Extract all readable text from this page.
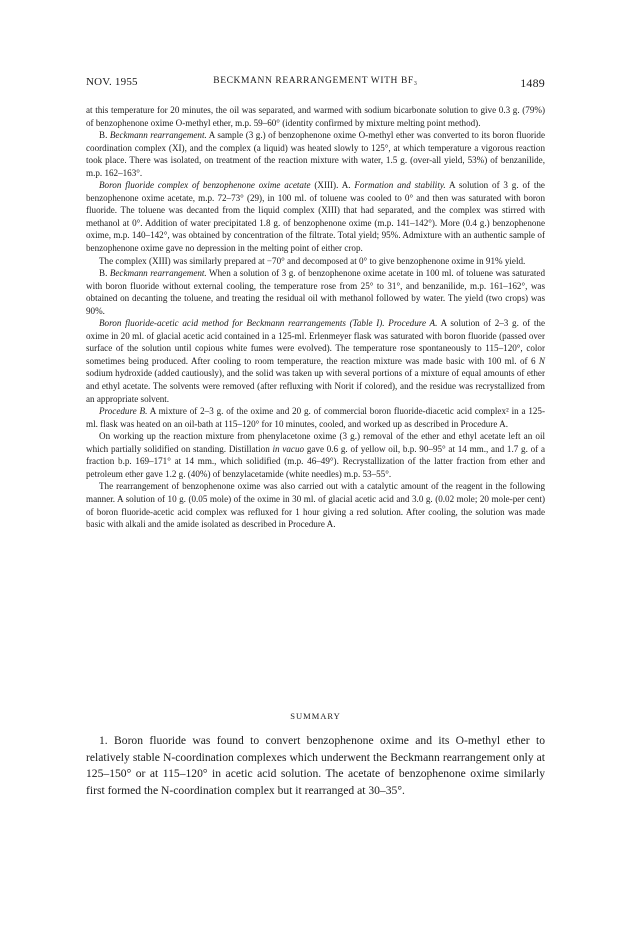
NOV. 1955	BECKMANN REARRANGEMENT WITH BF₃	1489

at this temperature for 20 minutes, the oil was separated, and warmed with sodium bicarbonate solution to give 0.3 g. (79%) of benzophenone oxime O-methyl ether, m.p. 59–60° (identity confirmed by mixture melting point method).

B. Beckmann rearrangement. A sample (3 g.) of benzophenone oxime O-methyl ether was converted to its boron fluoride coordination complex (XI), and the complex (a liquid) was heated slowly to 125°, at which temperature a vigorous reaction took place. There was isolated, on treatment of the reaction mixture with water, 1.5 g. (over-all yield, 53%) of benzanilide, m.p. 162–163°.

Boron fluoride complex of benzophenone oxime acetate (XIII). A. Formation and stability. A solution of 3 g. of the benzophenone oxime acetate, m.p. 72–73° (29), in 100 ml. of toluene was cooled to 0° and then was saturated with boron fluoride. The toluene was decanted from the liquid complex (XIII) that had separated, and the complex was stirred with methanol at 0°. Addition of water precipitated 1.8 g. of benzophenone oxime (m.p. 141–142°). More (0.4 g.) benzophenone oxime, m.p. 140–142°, was obtained by concentration of the filtrate. Total yield; 95%. Admixture with an authentic sample of benzophenone oxime gave no depression in the melting point of either crop.

The complex (XIII) was similarly prepared at −70° and decomposed at 0° to give benzophenone oxime in 91% yield.

B. Beckmann rearrangement. When a solution of 3 g. of benzophenone oxime acetate in 100 ml. of toluene was saturated with boron fluoride without external cooling, the temperature rose from 25° to 31°, and benzanilide, m.p. 161–162°, was obtained on decanting the toluene, and treating the residual oil with methanol followed by water. The yield (two crops) was 90%.

Boron fluoride-acetic acid method for Beckmann rearrangements (Table I). Procedure A. A solution of 2–3 g. of the oxime in 20 ml. of glacial acetic acid contained in a 125-ml. Erlenmeyer flask was saturated with boron fluoride (passed over surface of the solution until copious white fumes were evolved). The temperature rose spontaneously to 115–120°, color sometimes being produced. After cooling to room temperature, the reaction mixture was made basic with 100 ml. of 6 N sodium hydroxide (added cautiously), and the solid was taken up with several portions of a mixture of equal amounts of ether and ethyl acetate. The solvents were removed (after refluxing with Norit if colored), and the residue was recrystallized from an appropriate solvent.

Procedure B. A mixture of 2–3 g. of the oxime and 20 g. of commercial boron fluoride-diacetic acid complex² in a 125-ml. flask was heated on an oil-bath at 115–120° for 10 minutes, cooled, and worked up as described in Procedure A.

On working up the reaction mixture from phenylacetone oxime (3 g.) removal of the ether and ethyl acetate left an oil which partially solidified on standing. Distillation in vacuo gave 0.6 g. of yellow oil, b.p. 90–95° at 14 mm., and 1.7 g. of a fraction b.p. 169–171° at 14 mm., which solidified (m.p. 46–49°). Recrystallization of the latter fraction from ether and petroleum ether gave 1.2 g. (40%) of benzylacetamide (white needles) m.p. 53–55°.

The rearrangement of benzophenone oxime was also carried out with a catalytic amount of the reagent in the following manner. A solution of 10 g. (0.05 mole) of the oxime in 30 ml. of glacial acetic acid and 3.0 g. (0.02 mole; 20 mole-per cent) of boron fluoride-acetic acid complex was refluxed for 1 hour giving a red solution. After cooling, the solution was made basic with alkali and the amide isolated as described in Procedure A.

SUMMARY

1. Boron fluoride was found to convert benzophenone oxime and its O-methyl ether to relatively stable N-coordination complexes which underwent the Beckmann rearrangement only at 125–150° or at 115–120° in acetic acid solution. The acetate of benzophenone oxime similarly first formed the N-coordination complex but it rearranged at 30–35°.
